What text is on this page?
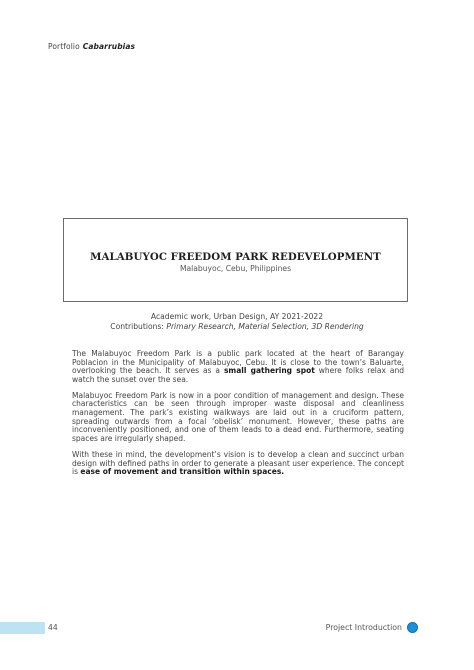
Portfolio Cabarrubias
MALABUYOC FREEDOM PARK REDEVELOPMENT
Malabuyoc, Cebu, Philippines
Academic work, Urban Design, AY 2021-2022
Contributions: Primary Research, Material Selection, 3D Rendering

The Malabuyoc Freedom Park is a public park located at the heart of Barangay Poblacion in the Municipality of Malabuyoc, Cebu. It is close to the town’s Baluarte, overlooking the beach. It serves as a small gathering spot where folks relax and watch the sunset over the sea.

Malabuyoc Freedom Park is now in a poor condition of management and design. These characteristics can be seen through improper waste disposal and cleanliness management. The park’s existing walkways are laid out in a cruciform pattern, spreading outwards from a focal ‘obelisk’ monument. However, these paths are inconveniently positioned, and one of them leads to a dead end. Furthermore, seating spaces are irregularly shaped.

With these in mind, the development’s vision is to develop a clean and succinct urban design with defined paths in order to generate a pleasant user experience. The concept is ease of movement and transition within spaces.

44	Project Introduction
